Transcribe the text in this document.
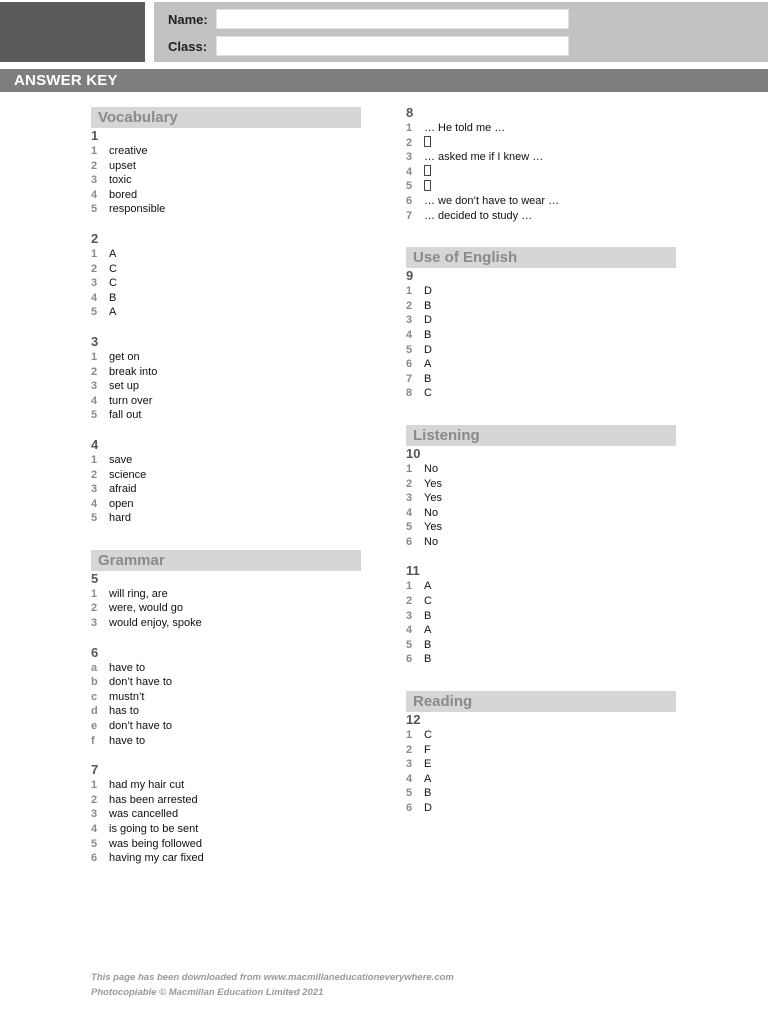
Name:
Class:
ANSWER KEY
Vocabulary
1
1	creative
2	upset
3	toxic
4	bored
5	responsible
2
1	A
2	C
3	C
4	B
5	A
3
1	get on
2	break into
3	set up
4	turn over
5	fall out
4
1	save
2	science
3	afraid
4	open
5	hard
Grammar
5
1	will ring, are
2	were, would go
3	would enjoy, spoke
6
a	have to
b	don’t have to
c	mustn’t
d	has to
e	don’t have to
f	have to
7
1	had my hair cut
2	has been arrested
3	was cancelled
4	is going to be sent
5	was being followed
6	having my car fixed
8
1	… He told me …
2
3	… asked me if I knew …
4
5
6	… we don’t have to wear …
7	… decided to study …
Use of English
9
1	D
2	B
3	D
4	B
5	D
6	A
7	B
8	C
Listening
10
1	No
2	Yes
3	Yes
4	No
5	Yes
6	No
11
1	A
2	C
3	B
4	A
5	B
6	B
Reading
12
1	C
2	F
3	E
4	A
5	B
6	D
This page has been downloaded from www.macmillaneducationeverywhere.com
Photocopiable © Macmillan Education Limited 2021
